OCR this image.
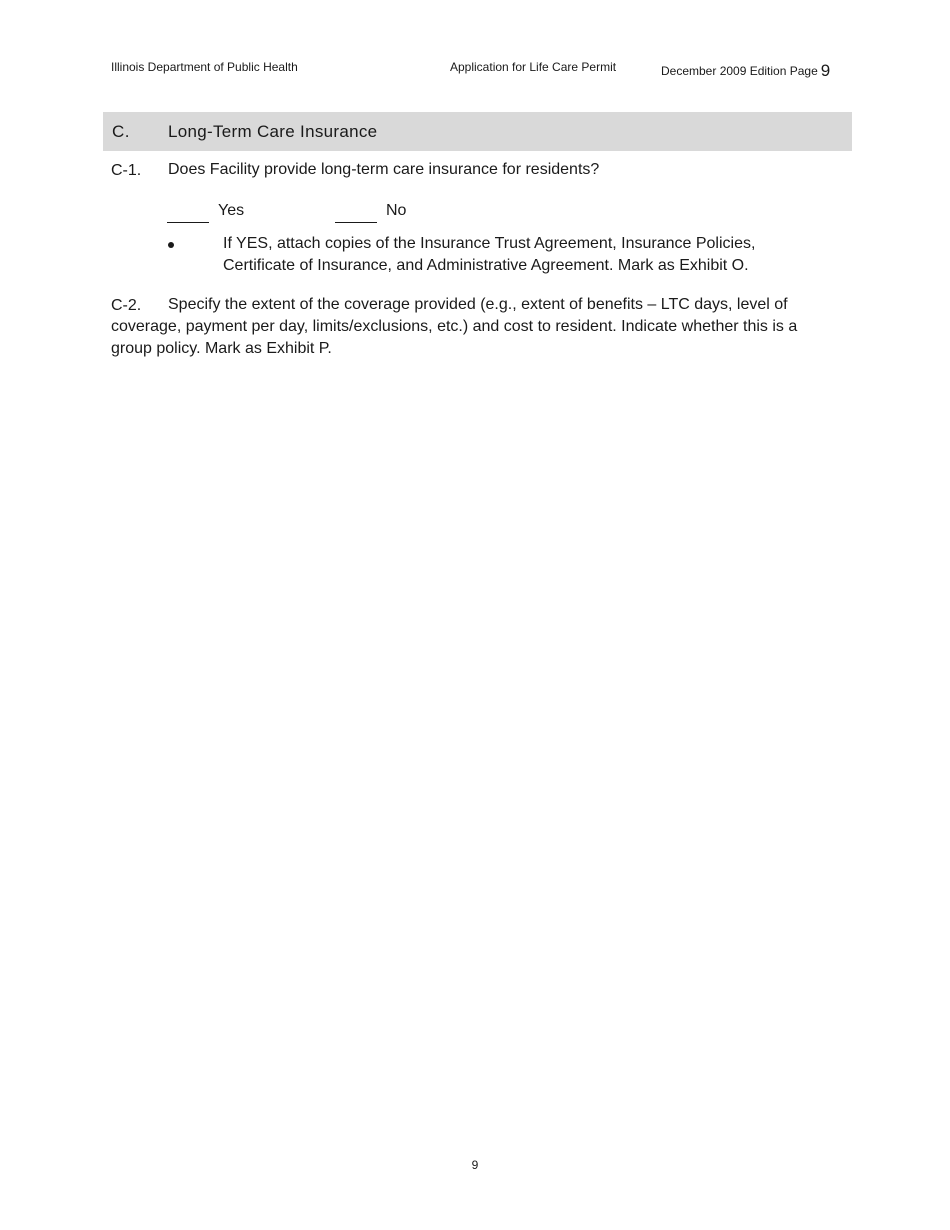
Illinois Department of Public Health	Application for Life Care Permit	December 2009 Edition Page 9
C. Long-Term Care Insurance
C-1. Does Facility provide long-term care insurance for residents?
Yes	No
If YES, attach copies of the Insurance Trust Agreement, Insurance Policies,
Certificate of Insurance, and Administrative Agreement. Mark as Exhibit O.
C-2. Specify the extent of the coverage provided (e.g., extent of benefits – LTC days, level of
coverage, payment per day, limits/exclusions, etc.) and cost to resident. Indicate whether this is a
group policy. Mark as Exhibit P.
9
